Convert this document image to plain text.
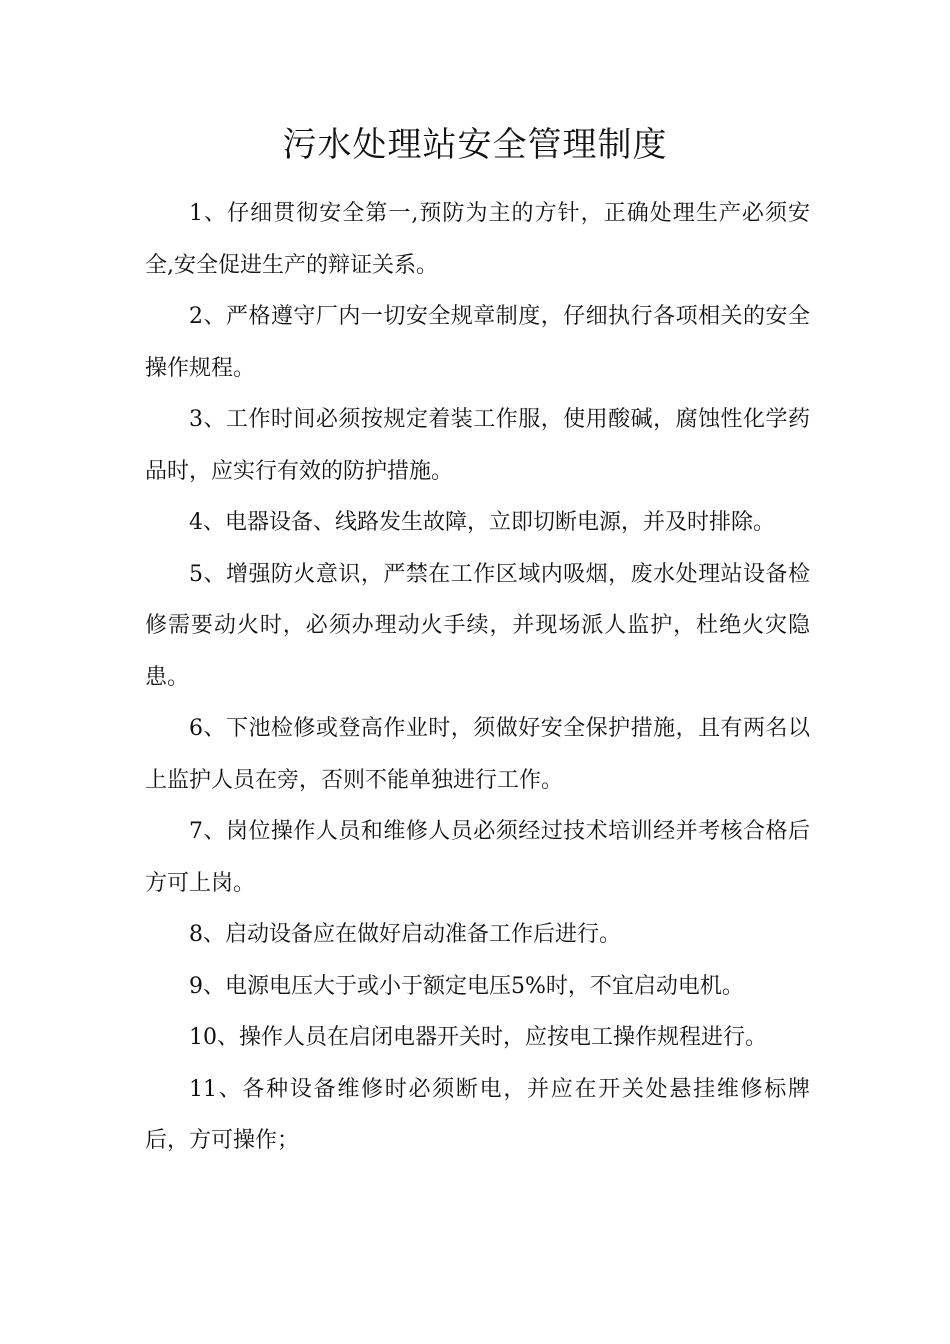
污水处理站安全管理制度

1、仔细贯彻安全第一,预防为主的方针，正确处理生产必须安全,安全促进生产的辩证关系。

2、严格遵守厂内一切安全规章制度，仔细执行各项相关的安全操作规程。

3、工作时间必须按规定着装工作服，使用酸碱，腐蚀性化学药品时，应实行有效的防护措施。

4、电器设备、线路发生故障，立即切断电源，并及时排除。

5、增强防火意识，严禁在工作区域内吸烟，废水处理站设备检修需要动火时，必须办理动火手续，并现场派人监护，杜绝火灾隐患。

6、下池检修或登高作业时，须做好安全保护措施，且有两名以上监护人员在旁，否则不能单独进行工作。

7、岗位操作人员和维修人员必须经过技术培训经并考核合格后方可上岗。

8、启动设备应在做好启动准备工作后进行。

9、电源电压大于或小于额定电压5%时，不宜启动电机。

10、操作人员在启闭电器开关时，应按电工操作规程进行。

11、各种设备维修时必须断电，并应在开关处悬挂维修标牌后，方可操作；
